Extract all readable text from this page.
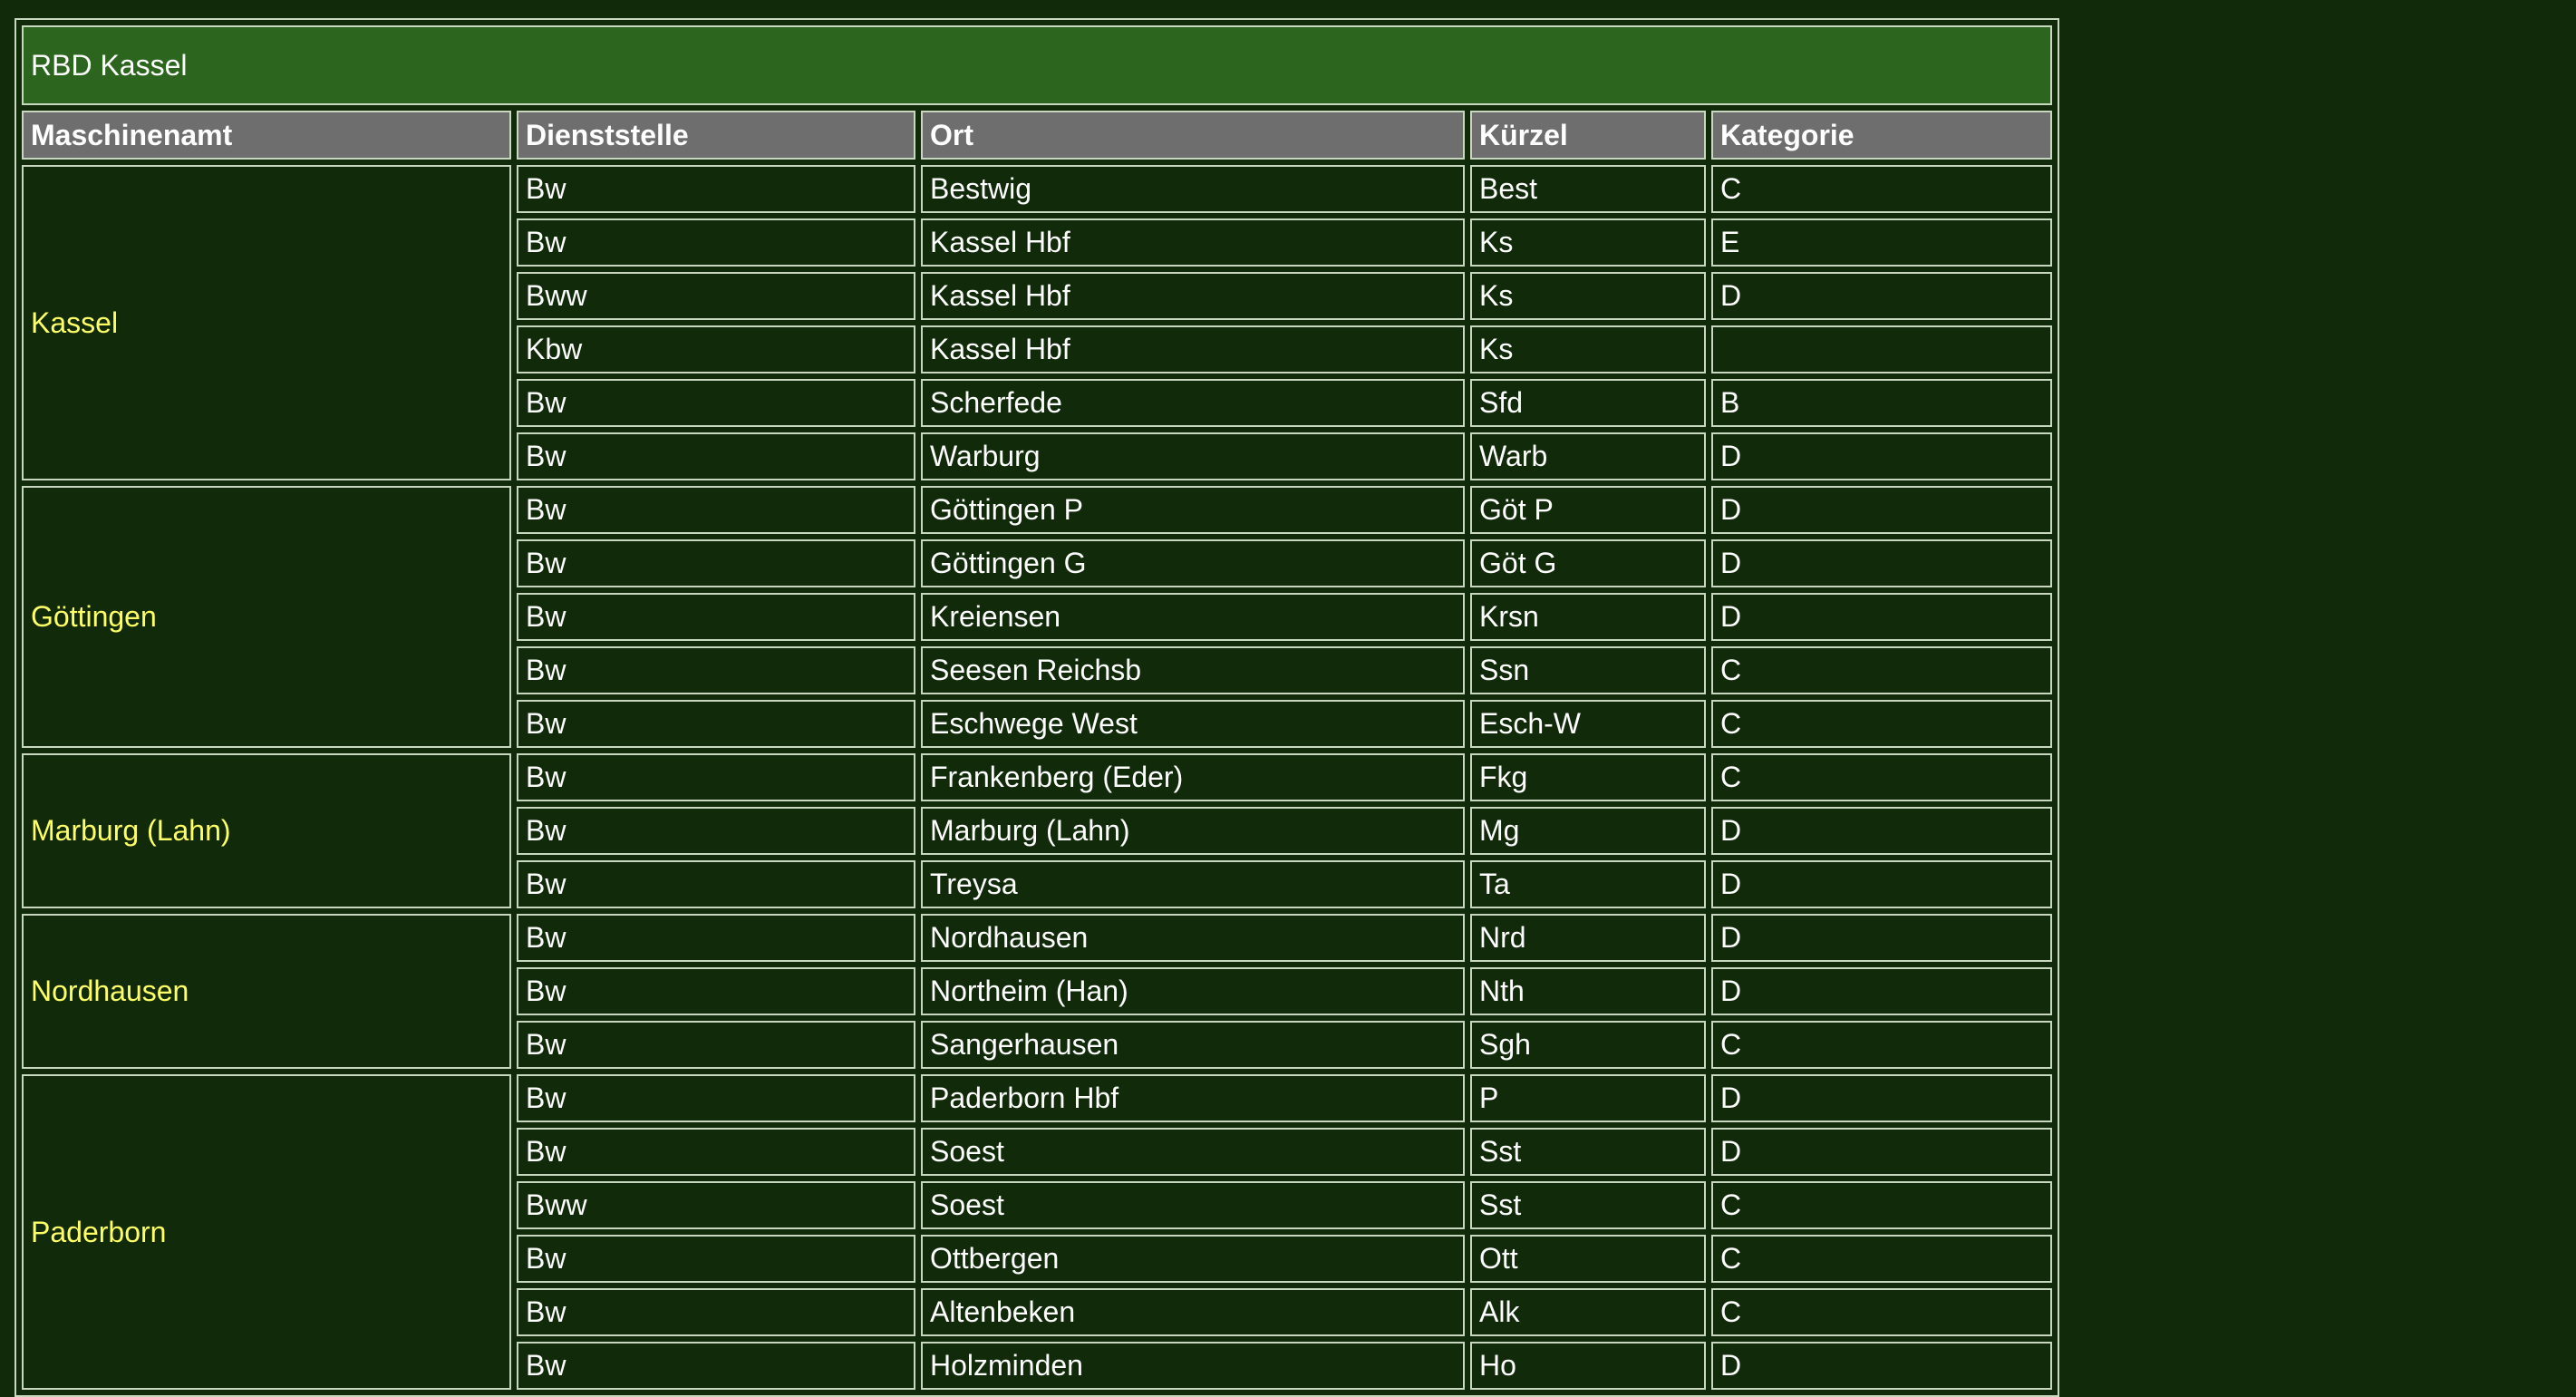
RBD Kassel				
Maschinenamt	Dienststelle	Ort	Kürzel	Kategorie
Kassel	Bw	Bestwig	Best	C
	Bw	Kassel Hbf	Ks	E
	Bww	Kassel Hbf	Ks	D
	Kbw	Kassel Hbf	Ks	
	Bw	Scherfede	Sfd	B
	Bw	Warburg	Warb	D
Göttingen	Bw	Göttingen P	Göt P	D
	Bw	Göttingen G	Göt G	D
	Bw	Kreiensen	Krsn	D
	Bw	Seesen Reichsb	Ssn	C
	Bw	Eschwege West	Esch-W	C
Marburg (Lahn)	Bw	Frankenberg (Eder)	Fkg	C
	Bw	Marburg (Lahn)	Mg	D
	Bw	Treysa	Ta	D
Nordhausen	Bw	Nordhausen	Nrd	D
	Bw	Northeim (Han)	Nth	D
	Bw	Sangerhausen	Sgh	C
Paderborn	Bw	Paderborn Hbf	P	D
	Bw	Soest	Sst	D
	Bww	Soest	Sst	C
	Bw	Ottbergen	Ott	C
	Bw	Altenbeken	Alk	C
	Bw	Holzminden	Ho	D
